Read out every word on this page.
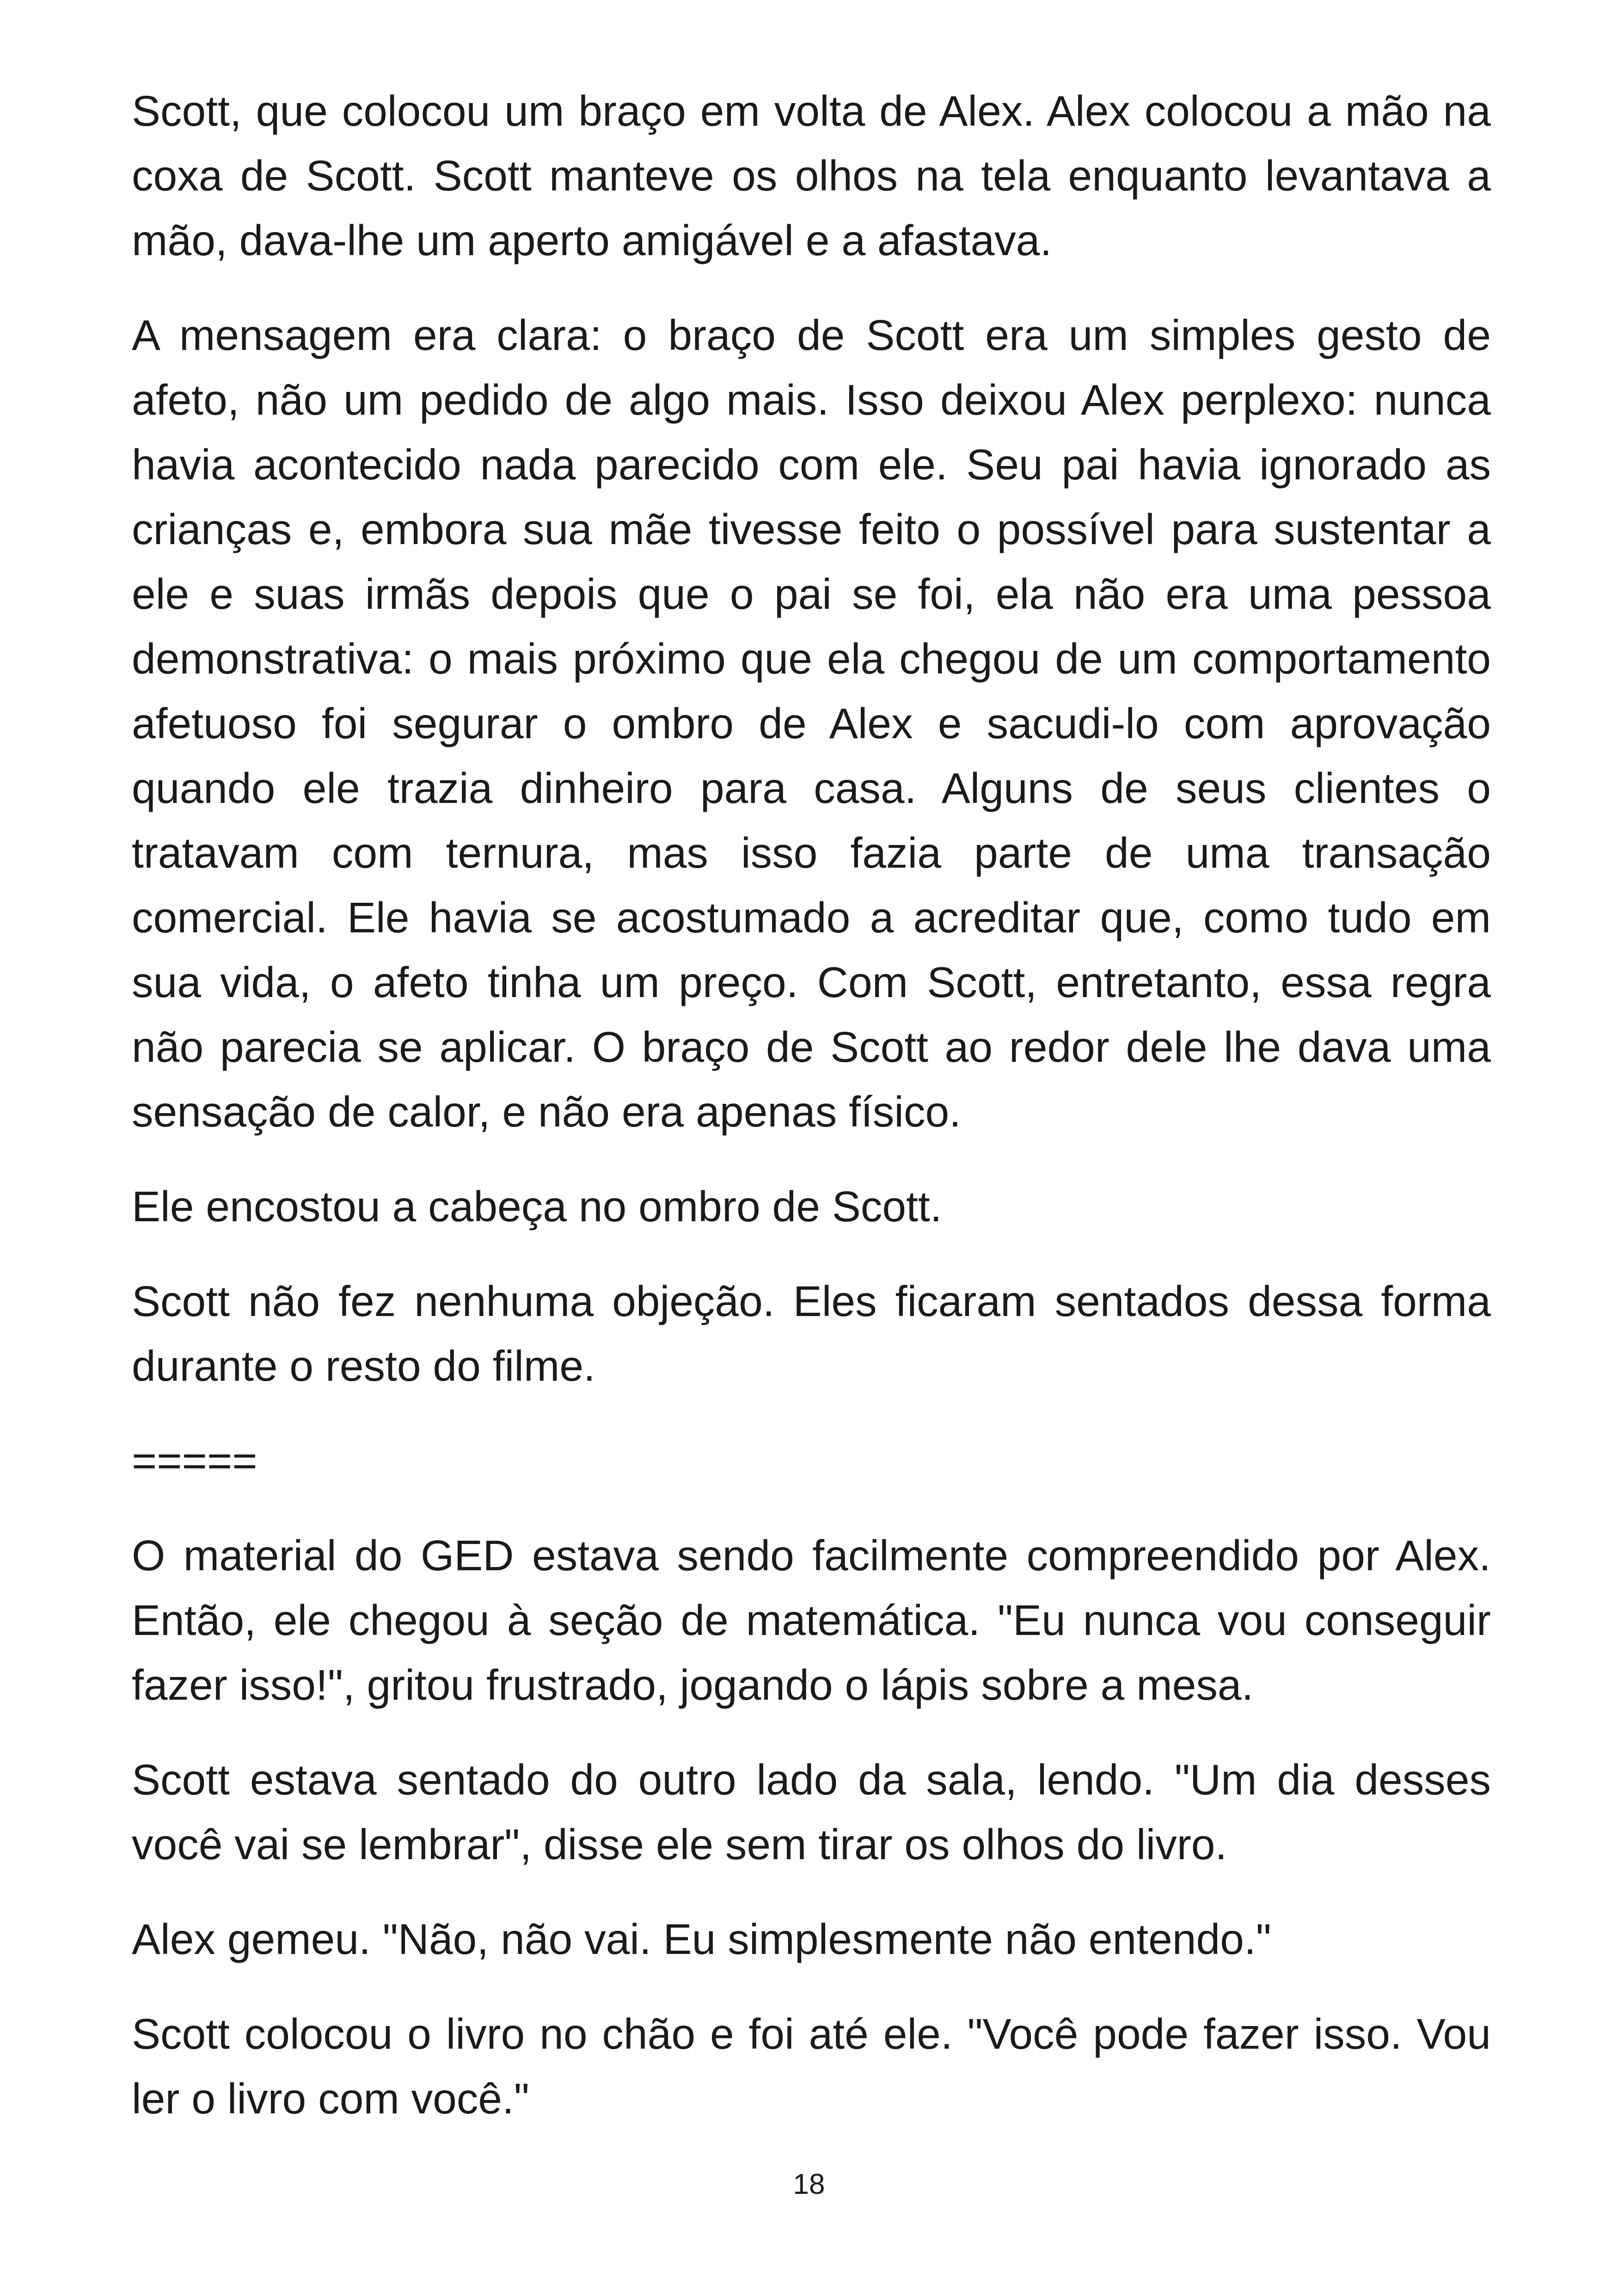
Scott, que colocou um braço em volta de Alex. Alex colocou a mão na coxa de Scott. Scott manteve os olhos na tela enquanto levantava a mão, dava-lhe um aperto amigável e a afastava.

A mensagem era clara: o braço de Scott era um simples gesto de afeto, não um pedido de algo mais. Isso deixou Alex perplexo: nunca havia acontecido nada parecido com ele. Seu pai havia ignorado as crianças e, embora sua mãe tivesse feito o possível para sustentar a ele e suas irmãs depois que o pai se foi, ela não era uma pessoa demonstrativa: o mais próximo que ela chegou de um comportamento afetuoso foi segurar o ombro de Alex e sacudi-lo com aprovação quando ele trazia dinheiro para casa. Alguns de seus clientes o tratavam com ternura, mas isso fazia parte de uma transação comercial. Ele havia se acostumado a acreditar que, como tudo em sua vida, o afeto tinha um preço. Com Scott, entretanto, essa regra não parecia se aplicar. O braço de Scott ao redor dele lhe dava uma sensação de calor, e não era apenas físico.

Ele encostou a cabeça no ombro de Scott.

Scott não fez nenhuma objeção. Eles ficaram sentados dessa forma durante o resto do filme.

=====

O material do GED estava sendo facilmente compreendido por Alex. Então, ele chegou à seção de matemática. "Eu nunca vou conseguir fazer isso!", gritou frustrado, jogando o lápis sobre a mesa.

Scott estava sentado do outro lado da sala, lendo. "Um dia desses você vai se lembrar", disse ele sem tirar os olhos do livro.

Alex gemeu. "Não, não vai. Eu simplesmente não entendo."

Scott colocou o livro no chão e foi até ele. "Você pode fazer isso. Vou ler o livro com você."

18
